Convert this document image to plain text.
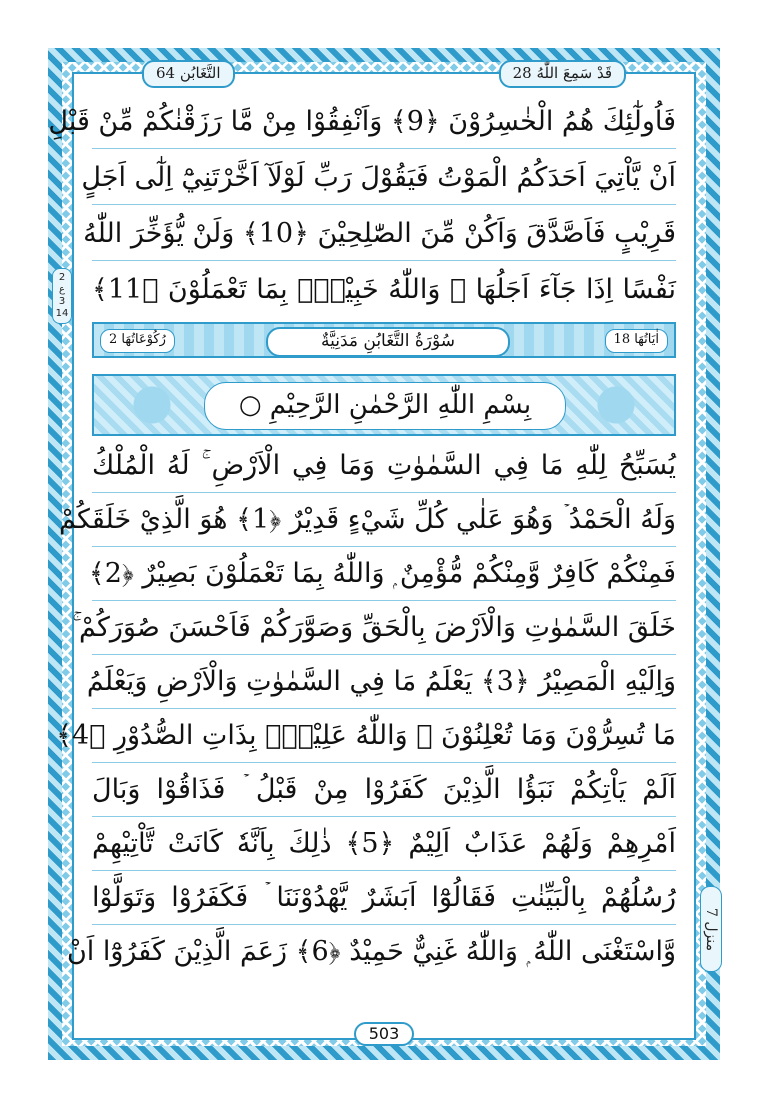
التَّغَابُن 64	قَدْ سَمِعَ اللّٰهُ 28
فَاُولٰٓئِكَ هُمُ الْخٰسِرُوْنَ ﴿9﴾ وَاَنْفِقُوْا مِنْ مَّا رَزَقْنٰكُمْ مِّنْ قَبْلِ
اَنْ يَّاْتِيَ اَحَدَكُمُ الْمَوْتُ فَيَقُوْلَ رَبِّ لَوْلَآ اَخَّرْتَنِيْٓ اِلٰٓى اَجَلٍ
قَرِيْبٍ فَاَصَّدَّقَ وَاَكُنْ مِّنَ الصّٰلِحِيْنَ ﴿10﴾ وَلَنْ يُّؤَخِّرَ اللّٰهُ
نَفْسًا اِذَا جَآءَ اَجَلُهَا ۭ وَاللّٰهُ خَبِيْرٌۢ بِمَا تَعْمَلُوْنَ ﴿11﴾
2
ع
3
14
رُكُوْعَاتُهَا 2	سُوْرَةُ التَّغَابُنِ مَدَنِيَّةٌ	اٰيَاتُهَا 18
بِسْمِ اللّٰهِ الرَّحْمٰنِ الرَّحِيْمِ ○
يُسَبِّحُ لِلّٰهِ مَا فِي السَّمٰوٰتِ وَمَا فِي الْاَرْضِ ۚ لَهُ الْمُلْكُ
وَلَهُ الْحَمْدُ ۡ وَهُوَ عَلٰي كُلِّ شَيْءٍ قَدِيْرٌ ﴿1﴾ هُوَ الَّذِيْ خَلَقَكُمْ
فَمِنْكُمْ كَافِرٌ وَّمِنْكُمْ مُّؤْمِنٌ ۭ وَاللّٰهُ بِمَا تَعْمَلُوْنَ بَصِيْرٌ ﴿2﴾
خَلَقَ السَّمٰوٰتِ وَالْاَرْضَ بِالْحَقِّ وَصَوَّرَكُمْ فَاَحْسَنَ صُوَرَكُمْ ۚ
وَاِلَيْهِ الْمَصِيْرُ ﴿3﴾ يَعْلَمُ مَا فِي السَّمٰوٰتِ وَالْاَرْضِ وَيَعْلَمُ
مَا تُسِرُّوْنَ وَمَا تُعْلِنُوْنَ ۭ وَاللّٰهُ عَلِيْمٌۢ بِذَاتِ الصُّدُوْرِ ﴿4﴾
اَلَمْ يَاْتِكُمْ نَبَؤُا الَّذِيْنَ كَفَرُوْا مِنْ قَبْلُ ۡ فَذَاقُوْا وَبَالَ
اَمْرِهِمْ وَلَهُمْ عَذَابٌ اَلِيْمٌ ﴿5﴾ ذٰلِكَ بِاَنَّهٗ كَانَتْ تَّاْتِيْهِمْ
رُسُلُهُمْ بِالْبَيِّنٰتِ فَقَالُوْٓا اَبَشَرٌ يَّهْدُوْنَنَا ۡ فَكَفَرُوْا وَتَوَلَّوْا
وَّاسْتَغْنَى اللّٰهُ ۭ وَاللّٰهُ غَنِيٌّ حَمِيْدٌ ﴿6﴾ زَعَمَ الَّذِيْنَ كَفَرُوْٓا اَنْ
منزل 7
503
